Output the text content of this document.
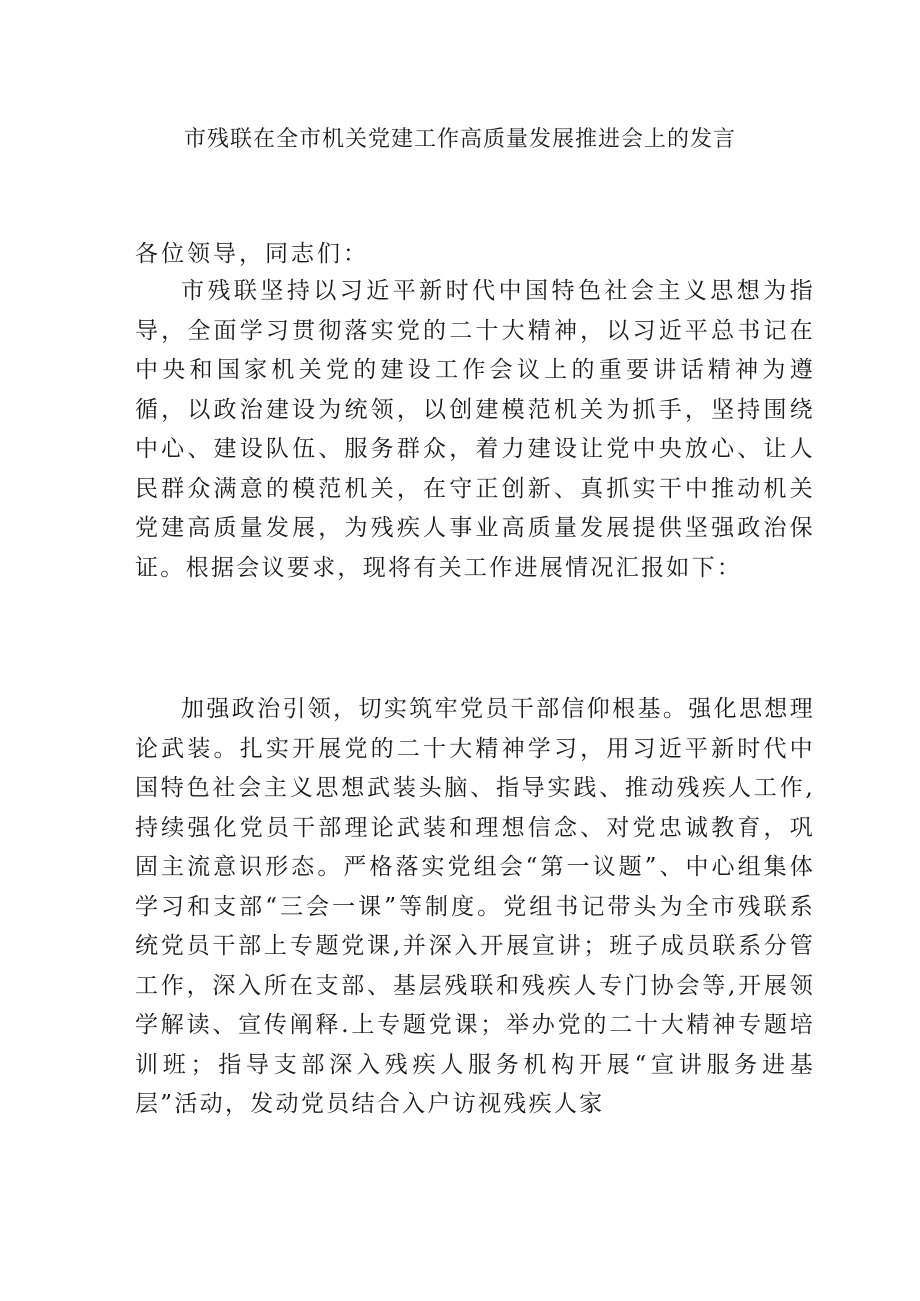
市残联在全市机关党建工作高质量发展推进会上的发言
各位领导，同志们：

市残联坚持以习近平新时代中国特色社会主义思想为指导，全面学习贯彻落实党的二十大精神，以习近平总书记在中央和国家机关党的建设工作会议上的重要讲话精神为遵循，以政治建设为统领，以创建模范机关为抓手，坚持围绕中心、建设队伍、服务群众，着力建设让党中央放心、让人民群众满意的模范机关，在守正创新、真抓实干中推动机关党建高质量发展，为残疾人事业高质量发展提供坚强政治保证。根据会议要求，现将有关工作进展情况汇报如下：

加强政治引领，切实筑牢党员干部信仰根基。强化思想理论武装。扎实开展党的二十大精神学习，用习近平新时代中国特色社会主义思想武装头脑、指导实践、推动残疾人工作,持续强化党员干部理论武装和理想信念、对党忠诚教育，巩固主流意识形态。严格落实党组会“第一议题”、中心组集体学习和支部“三会一课”等制度。党组书记带头为全市残联系统党员干部上专题党课,并深入开展宣讲；班子成员联系分管工作，深入所在支部、基层残联和残疾人专门协会等,开展领学解读、宣传阐释.上专题党课；举办党的二十大精神专题培训班；指导支部深入残疾人服务机构开展“宣讲服务进基层”活动，发动党员结合入户访视残疾人家
